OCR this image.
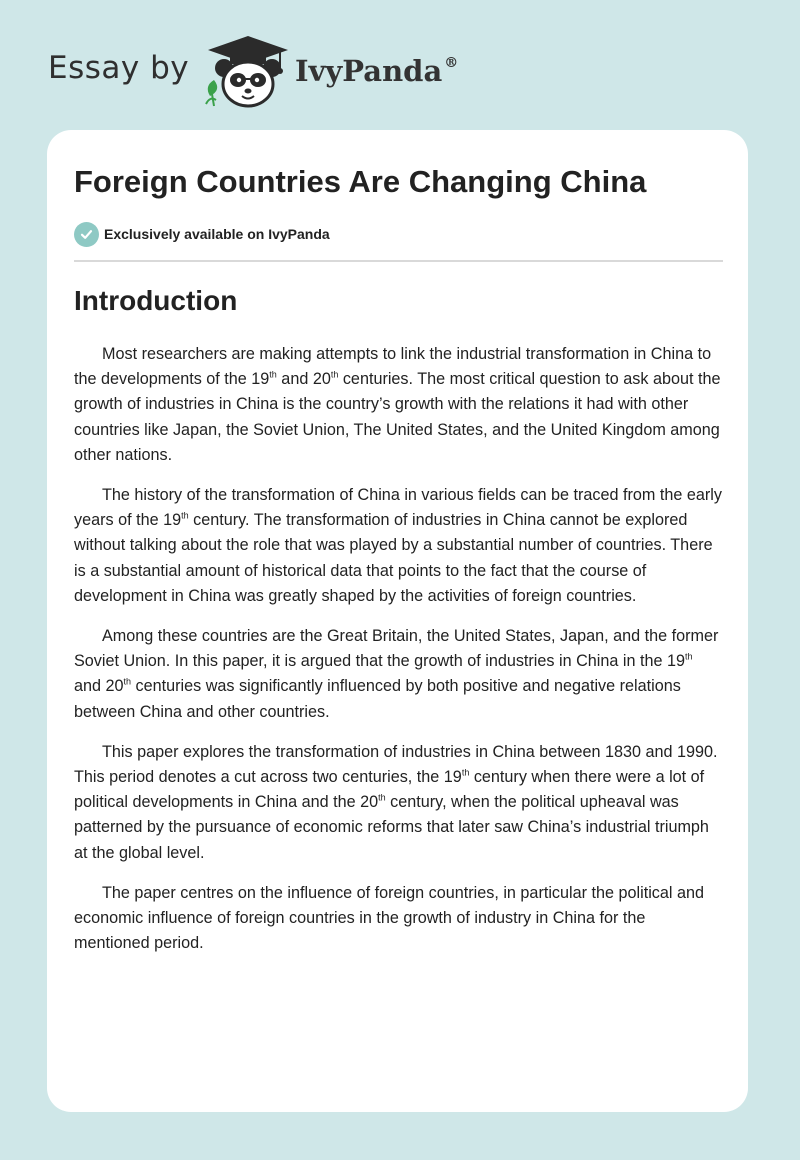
Essay by	IvyPanda ®
Foreign Countries Are Changing China
Exclusively available on IvyPanda
Introduction

Most researchers are making attempts to link the industrial transformation in China to the developments of the 19th and 20th centuries. The most critical question to ask about the growth of industries in China is the country’s growth with the relations it had with other countries like Japan, the Soviet Union, The United States, and the United Kingdom among other nations.

The history of the transformation of China in various fields can be traced from the early years of the 19th century. The transformation of industries in China cannot be explored without talking about the role that was played by a substantial number of countries. There is a substantial amount of historical data that points to the fact that the course of development in China was greatly shaped by the activities of foreign countries.

Among these countries are the Great Britain, the United States, Japan, and the former Soviet Union. In this paper, it is argued that the growth of industries in China in the 19th and 20th centuries was significantly influenced by both positive and negative relations between China and other countries.

This paper explores the transformation of industries in China between 1830 and 1990. This period denotes a cut across two centuries, the 19th century when there were a lot of political developments in China and the 20th century, when the political upheaval was patterned by the pursuance of economic reforms that later saw China’s industrial triumph at the global level.

The paper centres on the influence of foreign countries, in particular the political and economic influence of foreign countries in the growth of industry in China for the mentioned period.
